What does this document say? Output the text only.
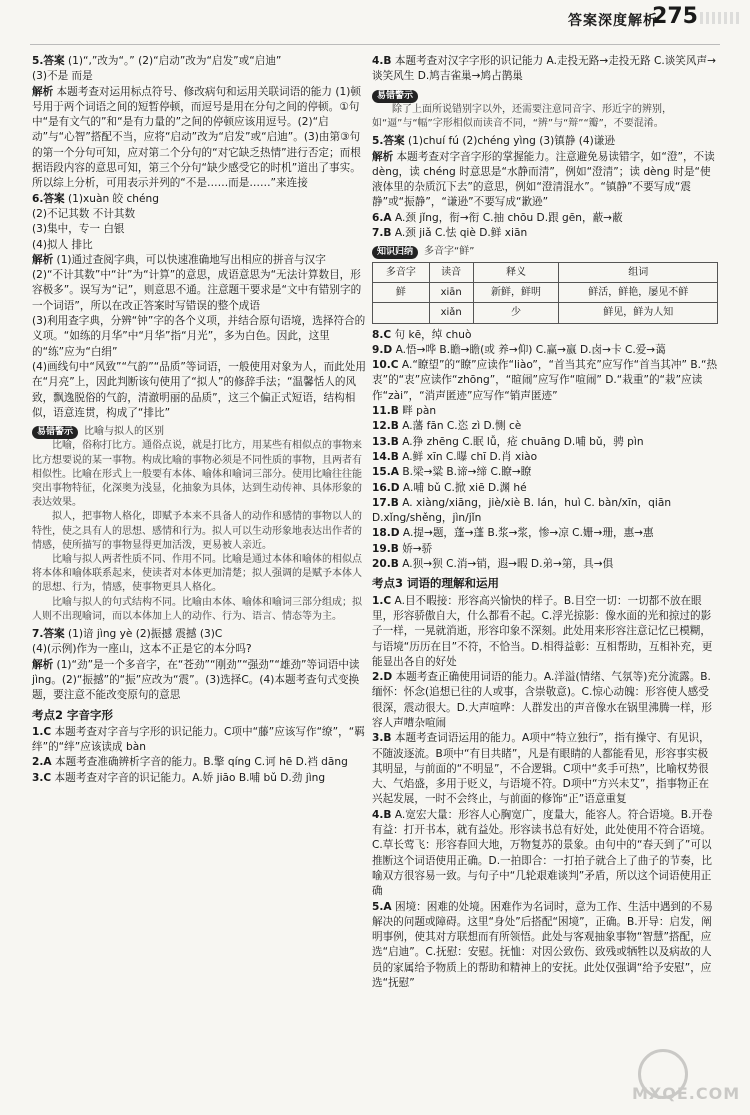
答案深度解析
275

5.答案 (1)“,”改为“。” (2)“启动”改为“启发”或“启迪”

(3)不是 而是

解析 本题考查对运用标点符号、修改病句和运用关联词语的能力 (1)顿号用于两个词语之间的短暂停顿，而逗号是用在分句之间的停顿。①句中“是有文气的”和“是有力量的”之间的停顿应该用逗号。(2)“启动”与“心智”搭配不当，应将“启动”改为“启发”或“启迪”。(3)由第③句的第一个分句可知，应对第二个分句的“对它缺乏热情”进行否定；而根据语段内容的意思可知，第三个分句“缺少感受它的时机”道出了事实。所以综上分析，可用表示并列的“不是……而是……”来连接

6.答案 (1)xuàn 皎 chéng

(2)不记其数 不计其数

(3)集中，专一 白银

(4)拟人 排比

解析 (1)通过查阅字典，可以快速准确地写出相应的拼音与汉字

(2)“不计其数”中“计”为“计算”的意思，成语意思为“无法计算数目，形容极多”。误写为“记”，则意思不通。注意题干要求是“文中有错别字的一个词语”，所以在改正答案时写错误的整个成语

(3)利用查字典，分辨“钟”字的各个义项，并结合原句语境，选择符合的义项。“如练的月华”中“月华”指“月光”，多为白色。因此，这里的“练”应为“白绢”

(4)画线句中“风致”“气韵”“品质”等词语，一般使用对象为人，而此处用在“月亮”上，因此判断该句使用了“拟人”的修辞手法；“温馨恬人的风致，飘逸脱俗的气韵，清澈明丽的品质”，这三个偏正式短语，结构相似，语意连贯，构成了“排比”

易错警示 比喻与拟人的区别

比喻，俗称打比方。通俗点说，就是打比方，用某些有相似点的事物来比方想要说的某一事物。构成比喻的事物必须是不同性质的事物，且两者有相似性。比喻在形式上一般要有本体、喻体和喻词三部分。使用比喻往往能突出事物特征，化深奥为浅显，化抽象为具体，达到生动传神、具体形象的表达效果。

拟人，把事物人格化，即赋予本来不具备人的动作和感情的事物以人的特性，使之具有人的思想、感情和行为。拟人可以生动形象地表达出作者的情感，使所描写的事物显得更加活泼，更易被人亲近。

比喻与拟人两者性质不同、作用不同。比喻是通过本体和喻体的相似点将本体和喻体联系起来，使读者对本体更加清楚；拟人强调的是赋予本体人的思想、行为，情感，使事物更具人格化。

比喻与拟人的句式结构不同。比喻由本体、喻体和喻词三部分组成；拟人则不出现喻词，而以本体加上人的动作、行为、语言、情态等为主。

7.答案 (1)谙 jìng yè (2)振撼 震撼 (3)C

(4)(示例)作为一座山，这本不正是它的本分吗?

解析 (1)“劲”是一个多音字，在“苍劲”“刚劲”“强劲”“雄劲”等词语中读 jìng。(2)“振撼”的“振”应改为“震”。(3)选择C。(4)本题考查句式变换题，要注意不能改变原句的意思

考点2 字音字形

1.C 本题考查对字音与字形的识记能力。C项中“藤”应该写作“缭”，“羁绊”的“绊”应该读成 bàn

2.A 本题考查准确辨析字音的能力。B.擎 qíng C.诃 hē D.裆 dāng

3.C 本题考查对字音的识记能力。A.娇 jiāo B.哺 bǔ D.劲 jìng

4.B 本题考查对汉字字形的识记能力 A.走投无路→走投无路 C.谈笑风声→谈笑风生 D.鸠吉雀巢→鸠占鹊巢

易错警示

除了上面所说错别字以外，还需要注意同音字、形近字的辨别，如“逼”与“幅”字形相似而读音不同，“辨”与“辩”“瓣”，不要混淆。

5.答案 (1)chuí fú (2)chéng yìng (3)镇静 (4)谦逊

解析 本题考查对字音字形的掌握能力。注意避免易读错字，如“澄”，不读 dèng，读 chéng 时意思是“水静而清”，例如“澄清”；读 dèng 时是“使液体里的杂质沉下去”的意思，例如“澄清混水”。“镇静”不要写成“震静”或“振静”，“谦逊”不要写成“歉逊”

6.A A.颈 jǐng，衔→衔 C.抽 chōu D.跟 gēn，蔽→蔽

7.B A.颈 jiǎ C.怯 qiè D.鲜 xiān

知识归纳 多音字“鲜”
多音字	读音	释义	组词
鲜	xiān	新鲜，鲜明	鲜活，鲜艳，屡见不鲜
	xiǎn	少	鲜见，鲜为人知

8.C 句 kē，绰 chuò

9.D A.悟→哗 B.瞻→瞻(或 养→仰) C.赢→嬴 D.卤→卡 C.爱→蔼

10.C A.“瞭望”的“瞭”应读作“liào”，“首当其充”应写作“首当其冲” B.“热衷”的“衷”应读作“zhōng”，“暄闹”应写作“喧闹” D.“栽重”的“栽”应读作“zài”，“消声匿迹”应写作“销声匿迹”

11.B 畔 pàn

12.B A.藩 fān C.恣 zì D.恻 cè

13.B A.狰 zhēng C.眠 lǚ，疮 chuāng D.哺 bǔ，骋 pìn

14.B A.鲜 xīn C.曝 chī D.肖 xiào

15.A B.梁→粱 B.谛→缔 C.瞭→瞭

16.D A.哺 bǔ C.掀 xiē D.渊 hé

17.B A. xiàng/xiāng，jiè/xiè B. lán，huì C. bàn/xīn，qiān D.xǐng/shěng，jìn/jǐn

18.D A.提→题，蓬→蓬 B.浆→浆，惨→凉 C.姗→珊，惠→惠

19.B 娇→骄

20.B A.狈→狈 C.消→销，遐→暇 D.弟→第，具→俱

考点3 词语的理解和运用

1.C A.目不暇接：形容高兴愉快的样子。B.目空一切：一切都不放在眼里，形容骄傲自大，什么都看不起。C.浮光掠影：像水面的光和掠过的影子一样，一晃就消逝，形容印象不深刻。此处用来形容注意记忆已模糊，与语境“历历在目”不符，不恰当。D.相得益彰：互相帮助，互相补充，更能显出各自的好处

2.D 本题考查正确使用词语的能力。A.洋溢(情绪、气氛等)充分流露。B.缅怀：怀念(追想已往的人或事，含崇敬意)。C.惊心动魄：形容使人感受很深，震动很大。D.大声喧哗：人群发出的声音像水在锅里沸腾一样，形容人声嘈杂喧闹

3.B 本题考查词语运用的能力。A项中“特立独行”，指有操守、有见识，不随波逐流。B项中“有目共睹”，凡是有眼睛的人都能看见，形容事实极其明显，与前面的“不明显”，不合逻辑。C项中“炙手可热”，比喻权势很大、气焰盛，多用于贬义，与语境不符。D项中“方兴未艾”，指事物正在兴起发展，一时不会终止，与前面的修饰“正”语意重复

4.B A.宽宏大量：形容人心胸宽广，度量大，能容人。符合语境。B.开卷有益：打开书本，就有益处。形容读书总有好处，此处使用不符合语境。C.草长莺飞：形容春回大地，万物复苏的景象。由句中的“春天到了”可以推断这个词语使用正确。D.一拍即合：一打拍子就合上了曲子的节奏，比喻双方很容易一致。与句子中“几轮艰难谈判”矛盾，所以这个词语使用正确

5.A 困境：困难的处境。困难作为名词时，意为工作、生活中遇到的不易解决的问题或障碍。这里“身处”后搭配“困境”，正确。B.开导：启发，阐明事例，使其对方联想而有所领悟。此处与客观抽象事物“智慧”搭配，应选“启迪”。C.抚慰：安慰。抚恤：对因公致伤、致残或牺牲以及病故的人员的家属给予物质上的帮助和精神上的安抚。此处仅强调“给予安慰”，应选“抚慰”

MXQE.COM
